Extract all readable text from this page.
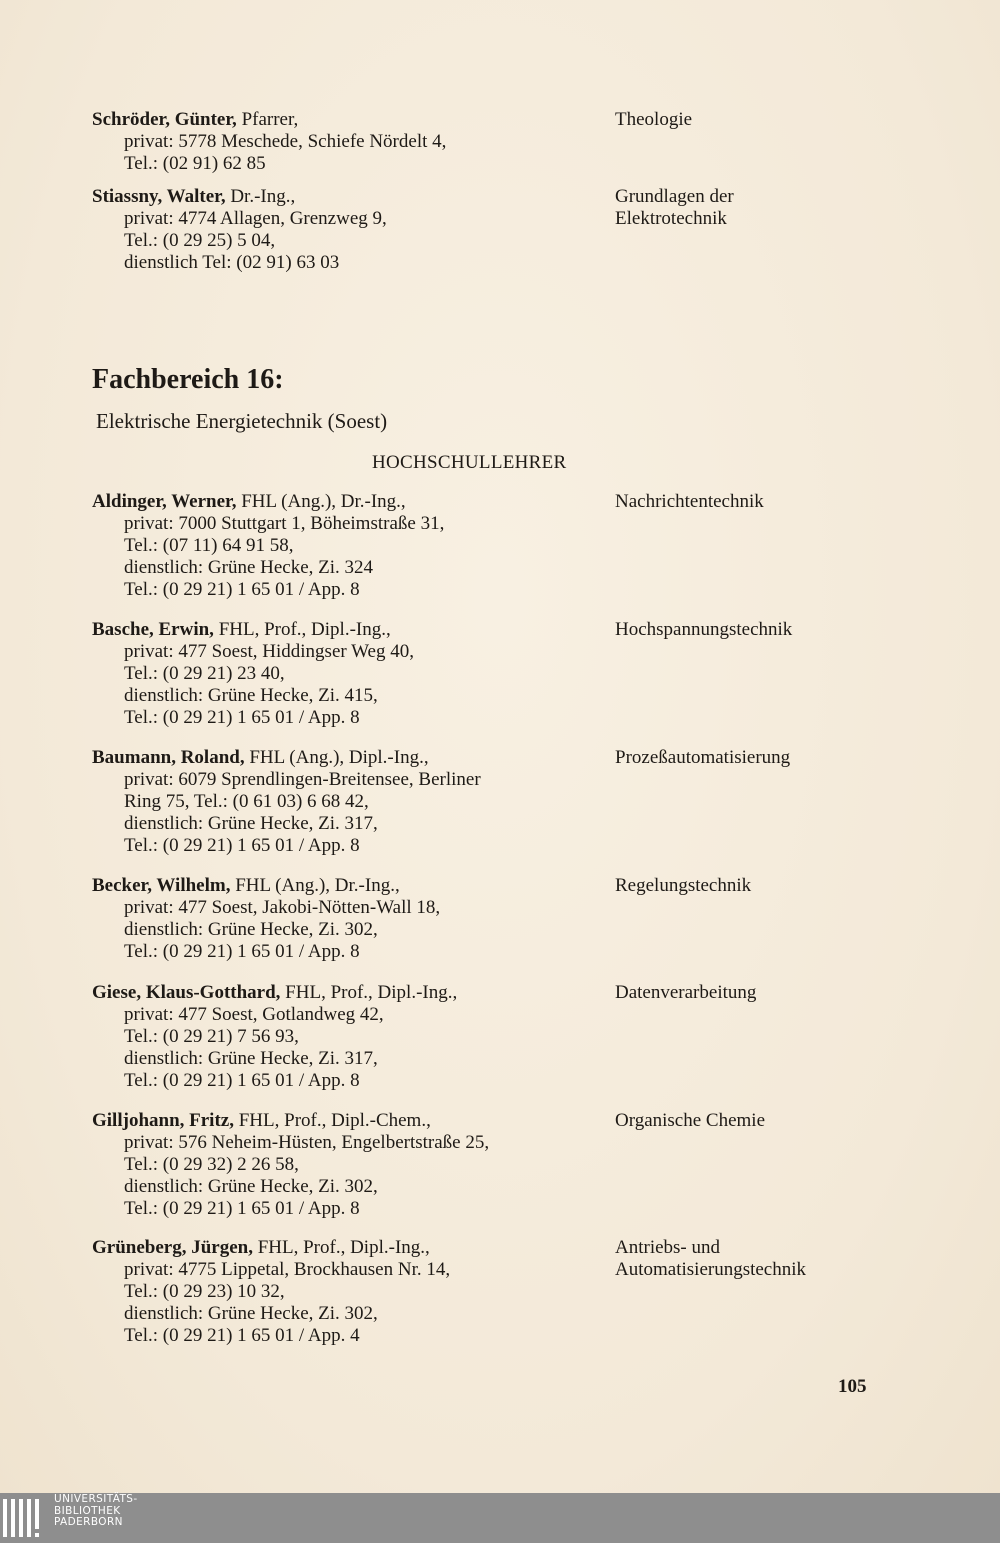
Schröder, Günter, Pfarrer,
privat: 5778 Meschede, Schiefe Nördelt 4,
Tel.: (02 91) 62 85
Theologie
Stiassny, Walter, Dr.-Ing.,
privat: 4774 Allagen, Grenzweg 9,
Tel.: (0 29 25) 5 04,
dienstlich Tel: (02 91) 63 03
Grundlagen der
Elektrotechnik
Fachbereich 16:
Elektrische Energietechnik (Soest)
HOCHSCHULLEHRER
Aldinger, Werner, FHL (Ang.), Dr.-Ing.,
privat: 7000 Stuttgart 1, Böheimstraße 31,
Tel.: (07 11) 64 91 58,
dienstlich: Grüne Hecke, Zi. 324
Tel.: (0 29 21) 1 65 01 / App. 8
Nachrichtentechnik
Basche, Erwin, FHL, Prof., Dipl.-Ing.,
privat: 477 Soest, Hiddingser Weg 40,
Tel.: (0 29 21) 23 40,
dienstlich: Grüne Hecke, Zi. 415,
Tel.: (0 29 21) 1 65 01 / App. 8
Hochspannungstechnik
Baumann, Roland, FHL (Ang.), Dipl.-Ing.,
privat: 6079 Sprendlingen-Breitensee, Berliner
Ring 75, Tel.: (0 61 03) 6 68 42,
dienstlich: Grüne Hecke, Zi. 317,
Tel.: (0 29 21) 1 65 01 / App. 8
Prozeßautomatisierung
Becker, Wilhelm, FHL (Ang.), Dr.-Ing.,
privat: 477 Soest, Jakobi-Nötten-Wall 18,
dienstlich: Grüne Hecke, Zi. 302,
Tel.: (0 29 21) 1 65 01 / App. 8
Regelungstechnik
Giese, Klaus-Gotthard, FHL, Prof., Dipl.-Ing.,
privat: 477 Soest, Gotlandweg 42,
Tel.: (0 29 21) 7 56 93,
dienstlich: Grüne Hecke, Zi. 317,
Tel.: (0 29 21) 1 65 01 / App. 8
Datenverarbeitung
Gilljohann, Fritz, FHL, Prof., Dipl.-Chem.,
privat: 576 Neheim-Hüsten, Engelbertstraße 25,
Tel.: (0 29 32) 2 26 58,
dienstlich: Grüne Hecke, Zi. 302,
Tel.: (0 29 21) 1 65 01 / App. 8
Organische Chemie
Grüneberg, Jürgen, FHL, Prof., Dipl.-Ing.,
privat: 4775 Lippetal, Brockhausen Nr. 14,
Tel.: (0 29 23) 10 32,
dienstlich: Grüne Hecke, Zi. 302,
Tel.: (0 29 21) 1 65 01 / App. 4
Antriebs- und
Automatisierungstechnik
105
UNIVERSITÄTS-
BIBLIOTHEK
PADERBORN
